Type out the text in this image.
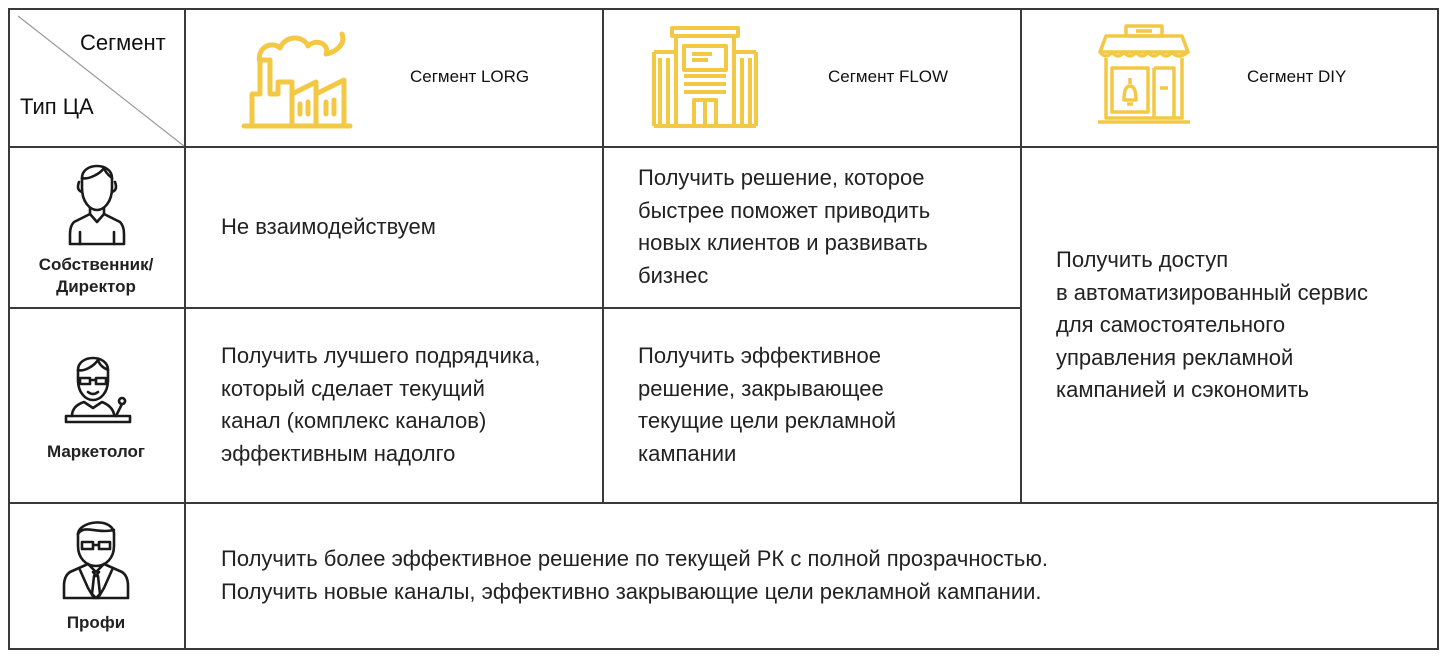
Сегмент
Тип ЦА
Сегмент LORG	Сегмент FLOW	Сегмент DIY
Собственник/
Директор
Маркетолог
Профи
Не взаимодействуем
Получить решение, которое
быстрее поможет приводить
новых клиентов и развивать
бизнес
Получить доступ
в автоматизированный сервис
для самостоятельного
управления рекламной
кампанией и сэкономить
Получить лучшего подрядчика,
который сделает текущий
канал (комплекс каналов)
эффективным надолго
Получить эффективное
решение, закрывающее
текущие цели рекламной
кампании
Получить более эффективное решение по текущей РК с полной прозрачностью.
Получить новые каналы, эффективно закрывающие цели рекламной кампании.
